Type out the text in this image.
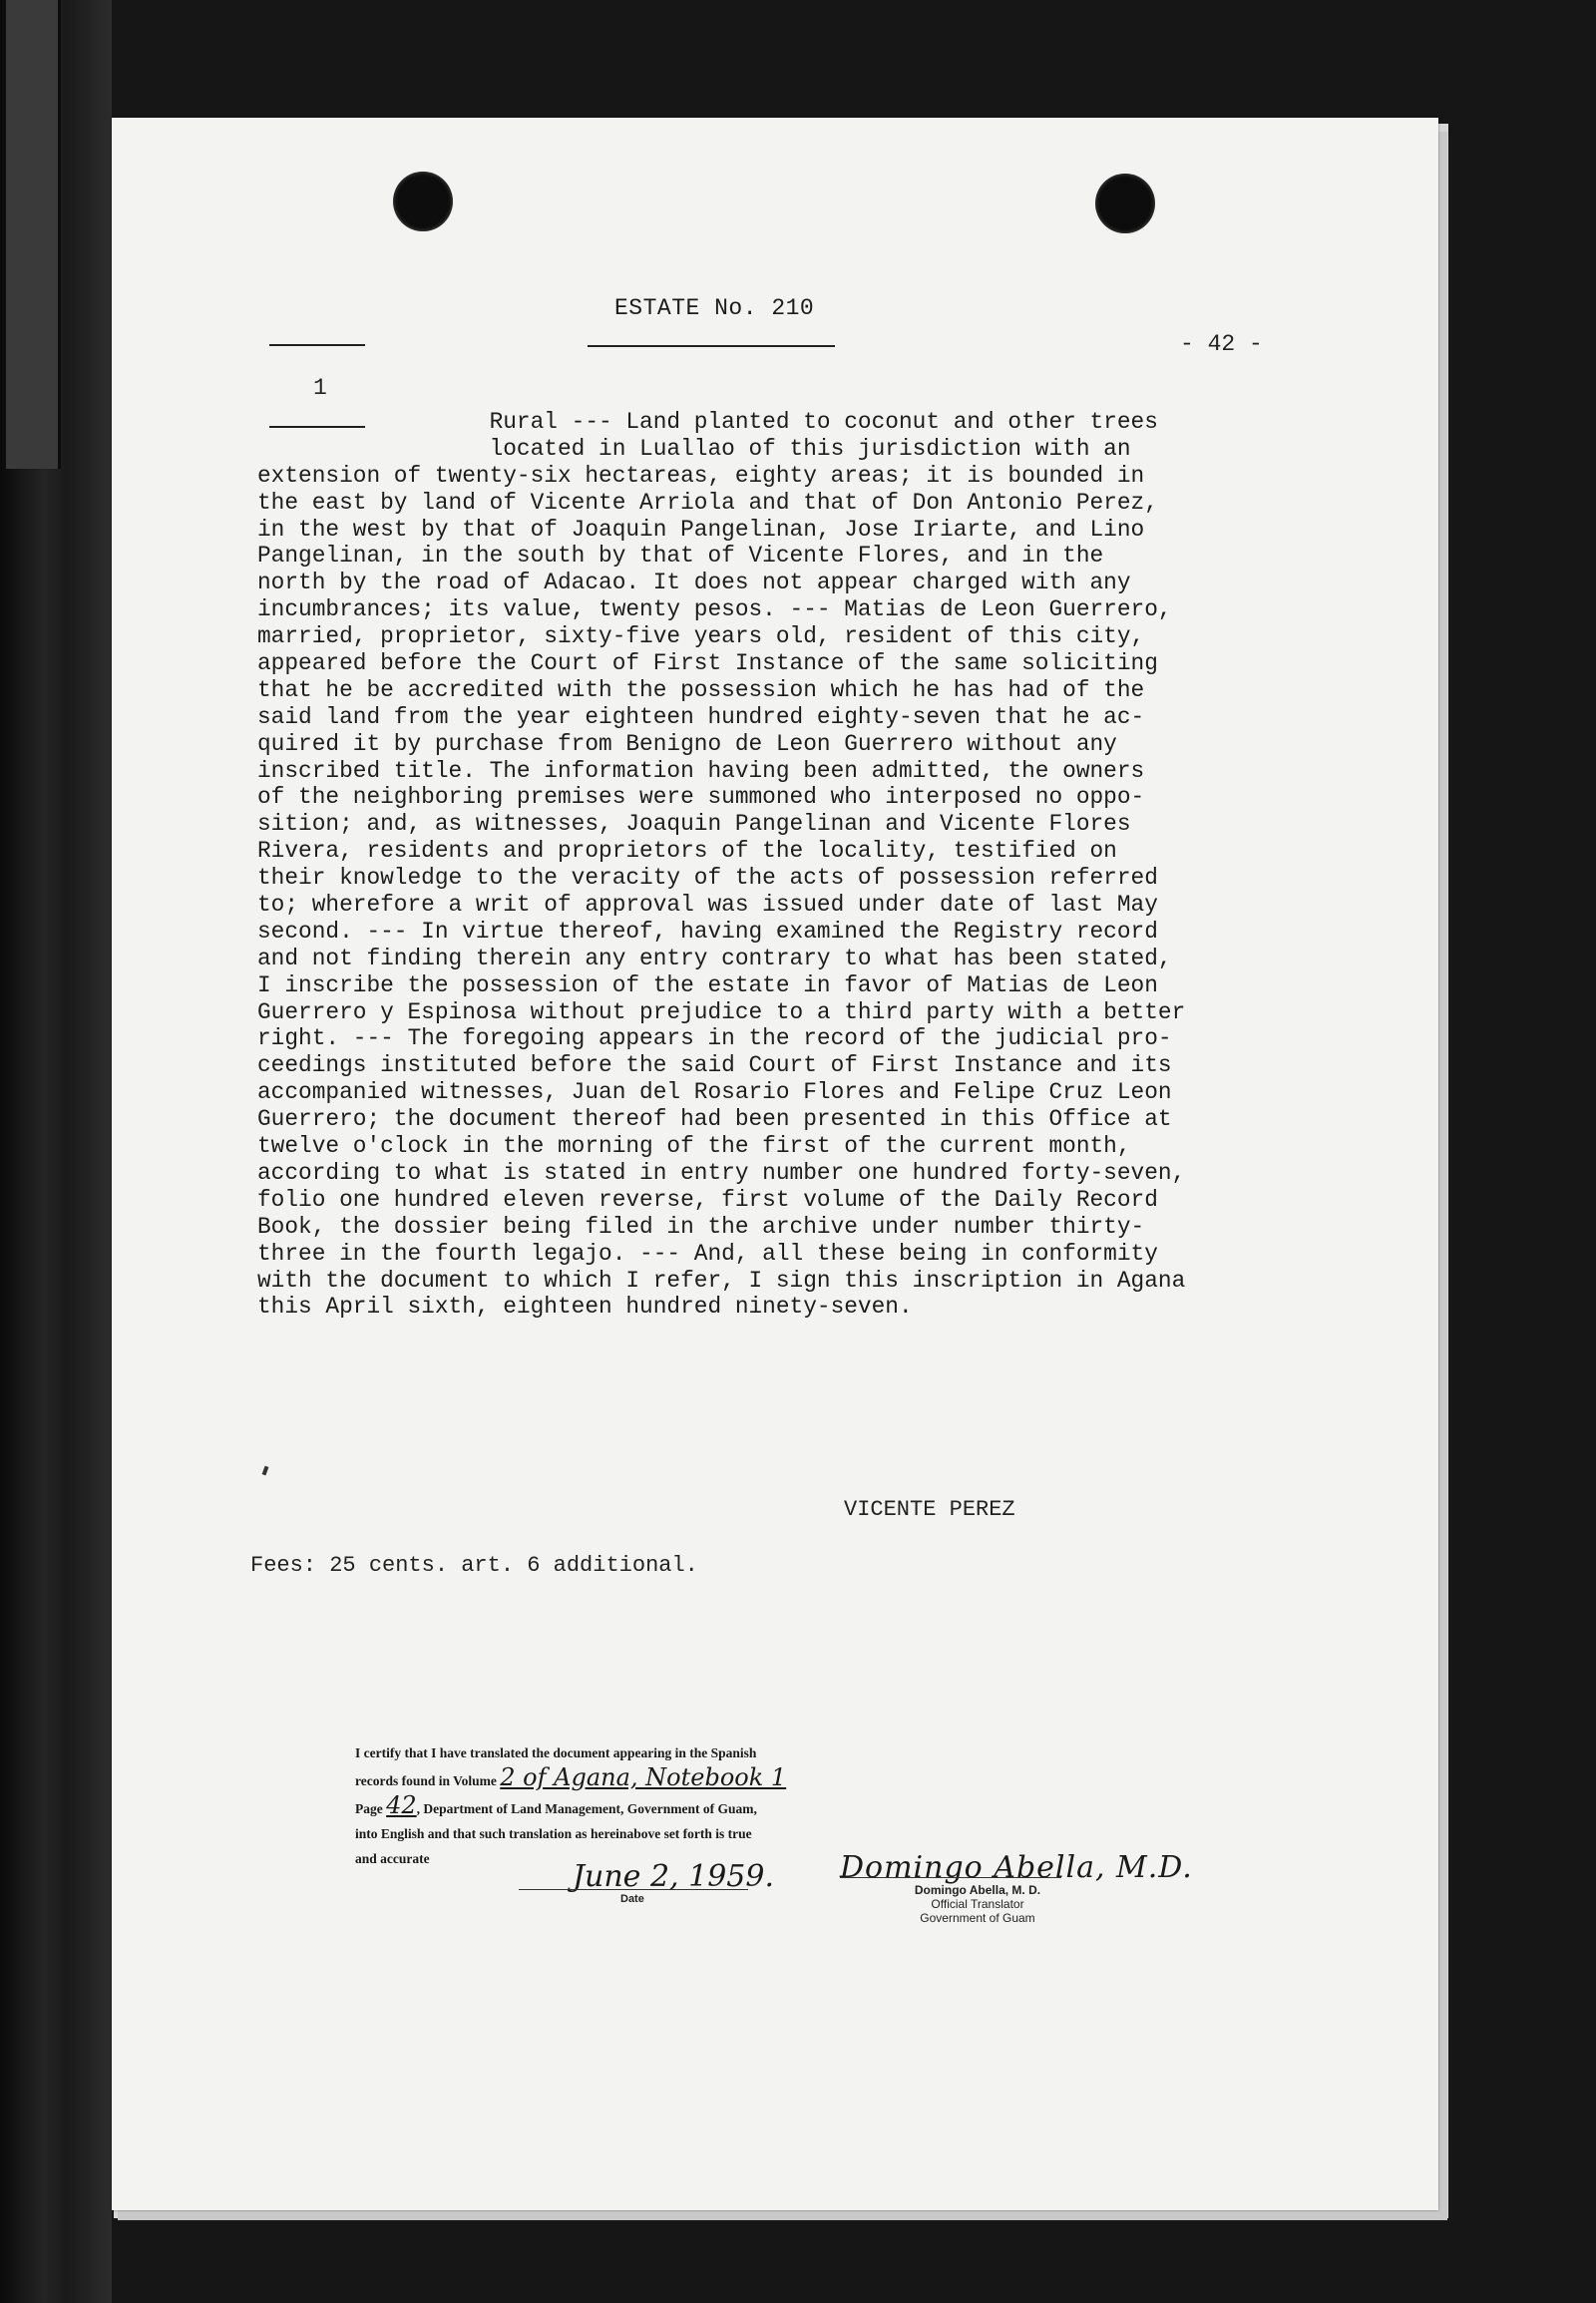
ESTATE No. 210
- 42 -
1
Rural --- Land planted to coconut and other trees
located in Luallao of this jurisdiction with an
extension of twenty-six hectareas, eighty areas; it is bounded in
the east by land of Vicente Arriola and that of Don Antonio Perez,
in the west by that of Joaquin Pangelinan, Jose Iriarte, and Lino
Pangelinan, in the south by that of Vicente Flores, and in the
north by the road of Adacao. It does not appear charged with any
incumbrances; its value, twenty pesos. --- Matias de Leon Guerrero,
married, proprietor, sixty-five years old, resident of this city,
appeared before the Court of First Instance of the same soliciting
that he be accredited with the possession which he has had of the
said land from the year eighteen hundred eighty-seven that he ac-
quired it by purchase from Benigno de Leon Guerrero without any
inscribed title. The information having been admitted, the owners
of the neighboring premises were summoned who interposed no oppo-
sition; and, as witnesses, Joaquin Pangelinan and Vicente Flores
Rivera, residents and proprietors of the locality, testified on
their knowledge to the veracity of the acts of possession referred
to; wherefore a writ of approval was issued under date of last May
second. --- In virtue thereof, having examined the Registry record
and not finding therein any entry contrary to what has been stated,
I inscribe the possession of the estate in favor of Matias de Leon
Guerrero y Espinosa without prejudice to a third party with a better
right. --- The foregoing appears in the record of the judicial pro-
ceedings instituted before the said Court of First Instance and its
accompanied witnesses, Juan del Rosario Flores and Felipe Cruz Leon
Guerrero; the document thereof had been presented in this Office at
twelve o'clock in the morning of the first of the current month,
according to what is stated in entry number one hundred forty-seven,
folio one hundred eleven reverse, first volume of the Daily Record
Book, the dossier being filed in the archive under number thirty-
three in the fourth legajo. --- And, all these being in conformity
with the document to which I refer, I sign this inscription in Agana
this April sixth, eighteen hundred ninety-seven.
VICENTE PEREZ
Fees: 25 cents. art. 6 additional.
I certify that I have translated the document appearing in the Spanish
records found in Volume 2 of Agana, Notebook 1
Page 42, Department of Land Management, Government of Guam,
into English and that such translation as hereinabove set forth is true
and accurate
June 2, 1959.
Date
Domingo Abella, M.D.
Domingo Abella, M. D.
Official Translator
Government of Guam
